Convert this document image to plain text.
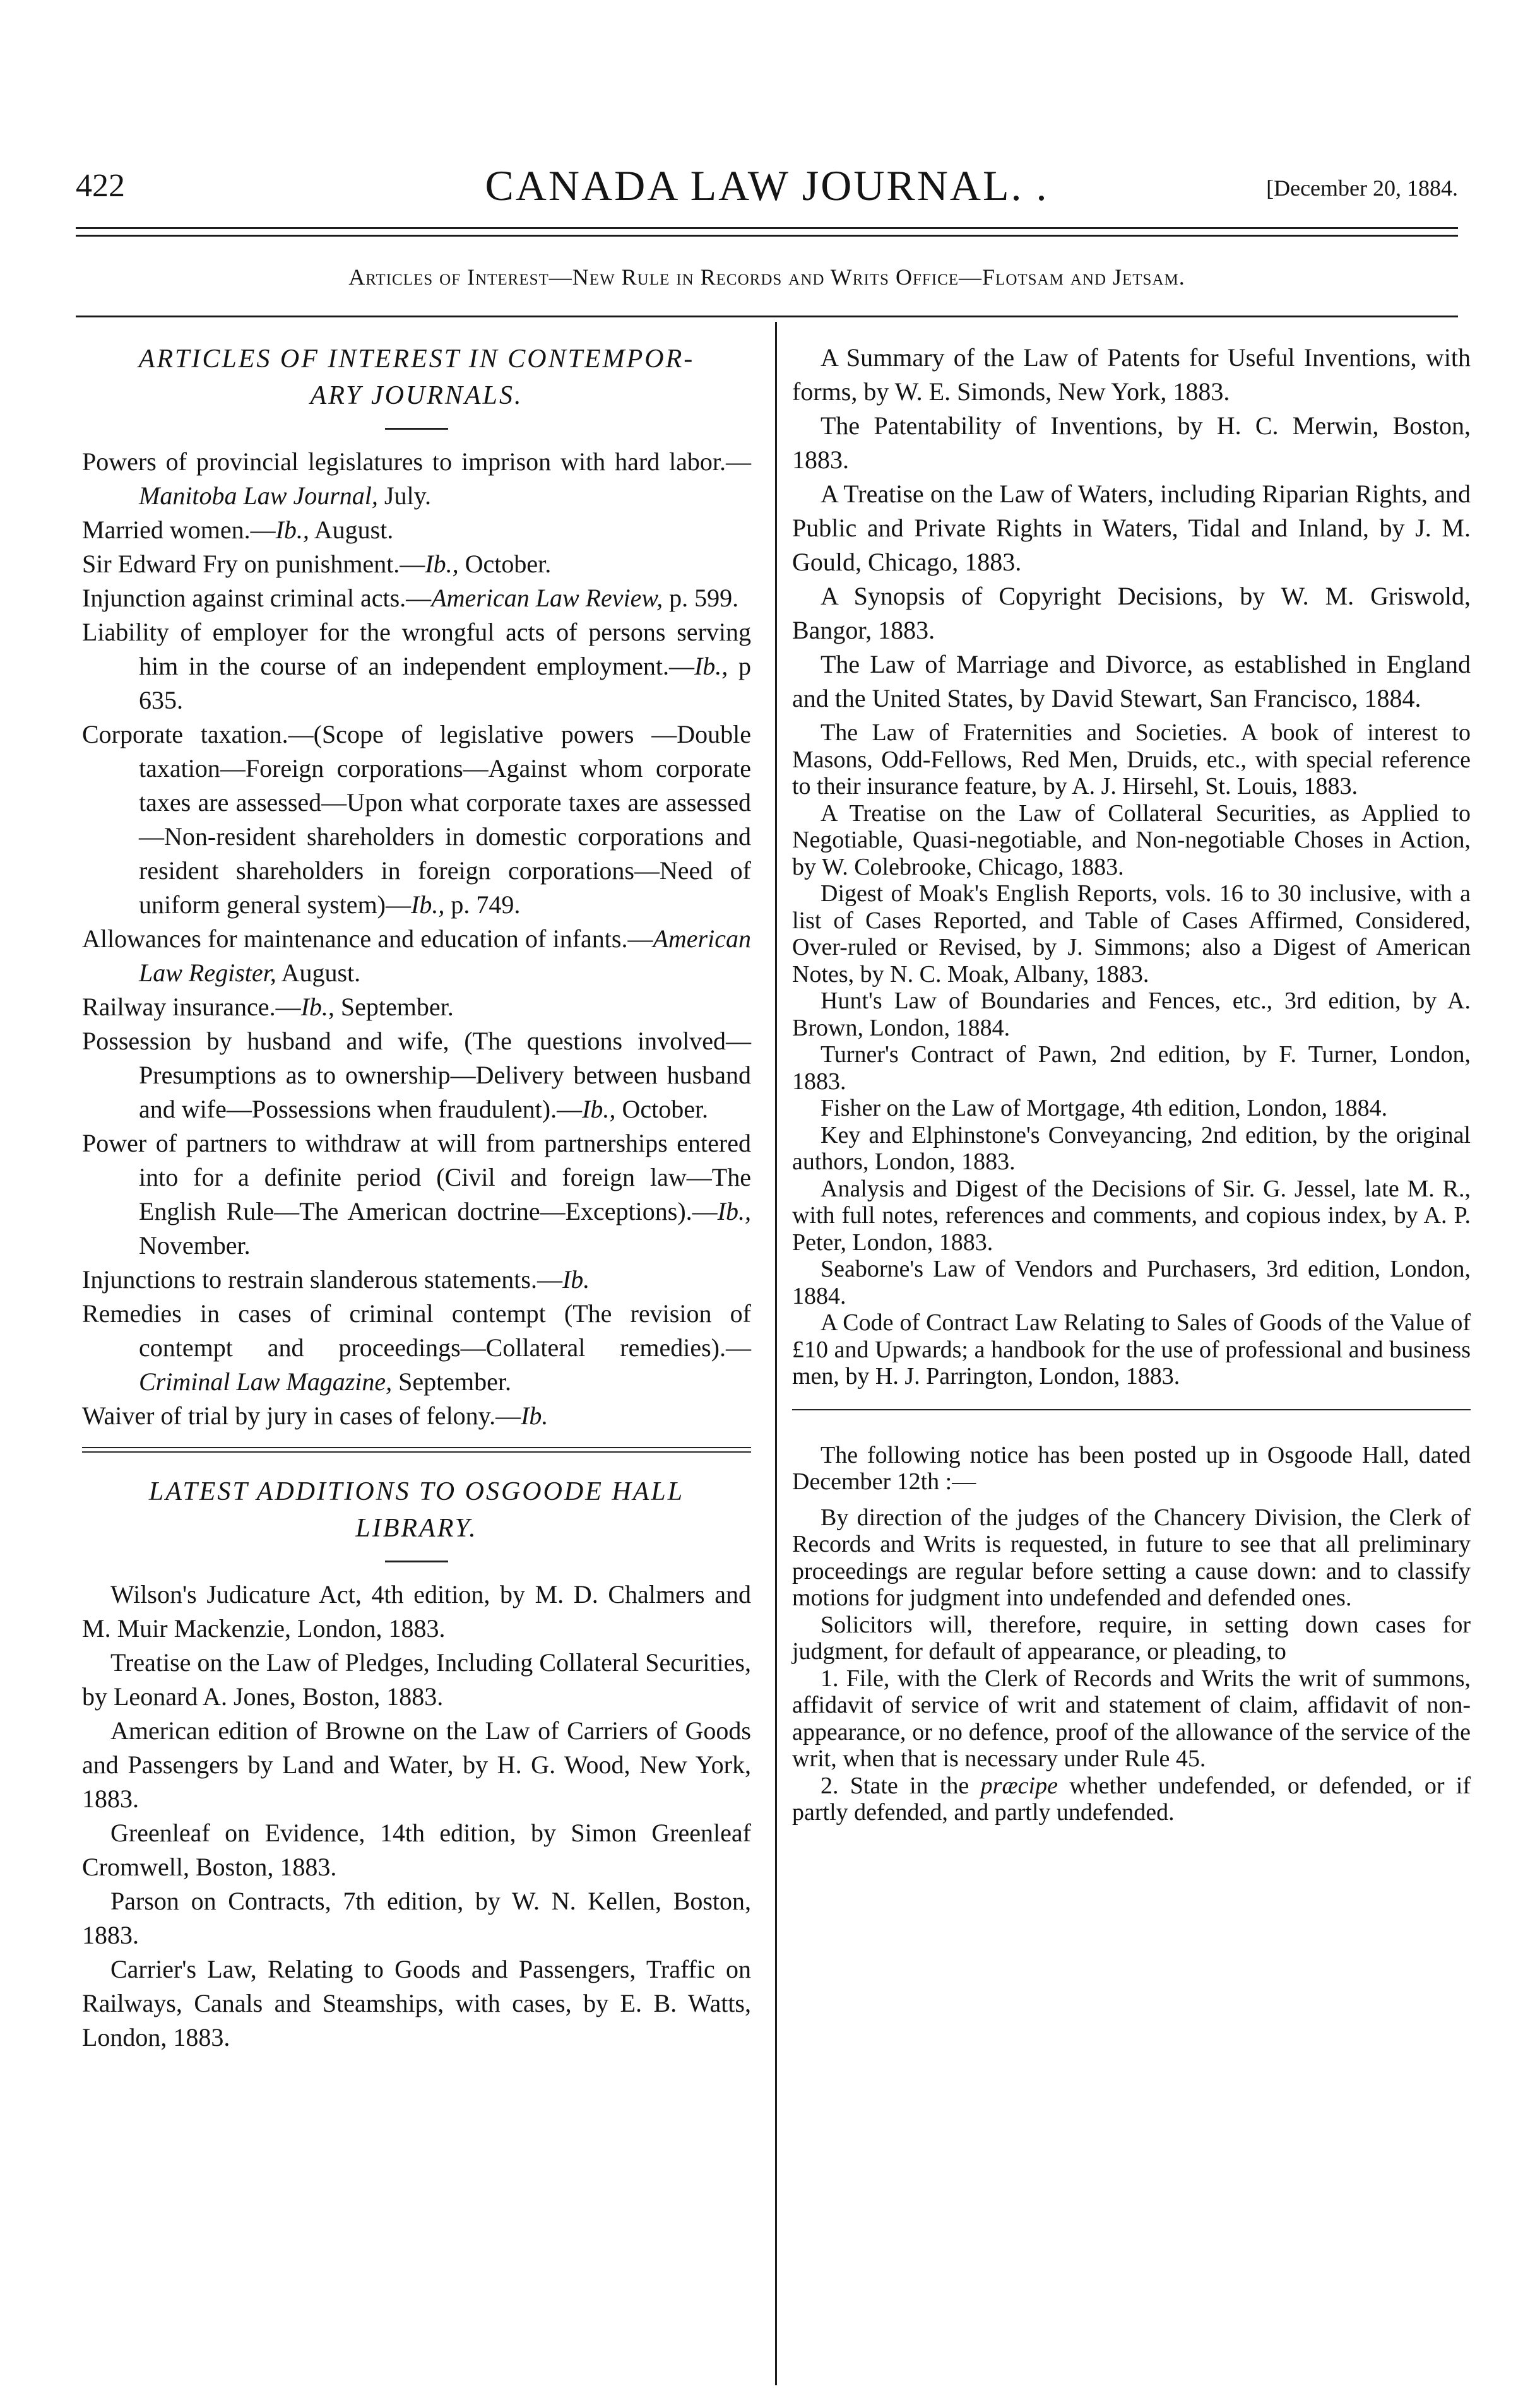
422	CANADA LAW JOURNAL. .	[December 20, 1884.
Articles of Interest—New Rule in Records and Writs Office—Flotsam and Jetsam.
ARTICLES OF INTEREST IN CONTEMPOR-
ARY JOURNALS.
Powers of provincial legislatures to imprison with hard labor.—Manitoba Law Journal, July.
Married women.—Ib., August.
Sir Edward Fry on punishment.—Ib., October.
Injunction against criminal acts.—American Law Review, p. 599.
Liability of employer for the wrongful acts of persons serving him in the course of an independent employment.—Ib., p 635.
Corporate taxation.—(Scope of legislative powers —Double taxation—Foreign corporations—Against whom corporate taxes are assessed—Upon what corporate taxes are assessed—Non-resident shareholders in domestic corporations and resident shareholders in foreign corporations—Need of uniform general system)—Ib., p. 749.
Allowances for maintenance and education of infants.—American Law Register, August.
Railway insurance.—Ib., September.
Possession by husband and wife, (The questions involved—Presumptions as to ownership—Delivery between husband and wife—Possessions when fraudulent).—Ib., October.
Power of partners to withdraw at will from partnerships entered into for a definite period (Civil and foreign law—The English Rule—The American doctrine—Exceptions).—Ib., November.
Injunctions to restrain slanderous statements.—Ib.
Remedies in cases of criminal contempt (The revision of contempt and proceedings—Collateral remedies).—Criminal Law Magazine, September.
Waiver of trial by jury in cases of felony.—Ib.
LATEST ADDITIONS TO OSGOODE HALL
LIBRARY.
Wilson's Judicature Act, 4th edition, by M. D. Chalmers and M. Muir Mackenzie, London, 1883.
Treatise on the Law of Pledges, Including Collateral Securities, by Leonard A. Jones, Boston, 1883.
American edition of Browne on the Law of Carriers of Goods and Passengers by Land and Water, by H. G. Wood, New York, 1883.
Greenleaf on Evidence, 14th edition, by Simon Greenleaf Cromwell, Boston, 1883.
Parson on Contracts, 7th edition, by W. N. Kellen, Boston, 1883.
Carrier's Law, Relating to Goods and Passengers, Traffic on Railways, Canals and Steamships, with cases, by E. B. Watts, London, 1883.
A Summary of the Law of Patents for Useful Inventions, with forms, by W. E. Simonds, New York, 1883.
The Patentability of Inventions, by H. C. Merwin, Boston, 1883.
A Treatise on the Law of Waters, including Riparian Rights, and Public and Private Rights in Waters, Tidal and Inland, by J. M. Gould, Chicago, 1883.
A Synopsis of Copyright Decisions, by W. M. Griswold, Bangor, 1883.
The Law of Marriage and Divorce, as established in England and the United States, by David Stewart, San Francisco, 1884.
The Law of Fraternities and Societies. A book of interest to Masons, Odd-Fellows, Red Men, Druids, etc., with special reference to their insurance feature, by A. J. Hirsehl, St. Louis, 1883.
A Treatise on the Law of Collateral Securities, as Applied to Negotiable, Quasi-negotiable, and Non-negotiable Choses in Action, by W. Colebrooke, Chicago, 1883.
Digest of Moak's English Reports, vols. 16 to 30 inclusive, with a list of Cases Reported, and Table of Cases Affirmed, Considered, Over-ruled or Revised, by J. Simmons; also a Digest of American Notes, by N. C. Moak, Albany, 1883.
Hunt's Law of Boundaries and Fences, etc., 3rd edition, by A. Brown, London, 1884.
Turner's Contract of Pawn, 2nd edition, by F. Turner, London, 1883.
Fisher on the Law of Mortgage, 4th edition, London, 1884.
Key and Elphinstone's Conveyancing, 2nd edition, by the original authors, London, 1883.
Analysis and Digest of the Decisions of Sir. G. Jessel, late M. R., with full notes, references and comments, and copious index, by A. P. Peter, London, 1883.
Seaborne's Law of Vendors and Purchasers, 3rd edition, London, 1884.
A Code of Contract Law Relating to Sales of Goods of the Value of £10 and Upwards; a handbook for the use of professional and business men, by H. J. Parrington, London, 1883.
The following notice has been posted up in Osgoode Hall, dated December 12th :—
By direction of the judges of the Chancery Division, the Clerk of Records and Writs is requested, in future to see that all preliminary proceedings are regular before setting a cause down: and to classify motions for judgment into undefended and defended ones.
Solicitors will, therefore, require, in setting down cases for judgment, for default of appearance, or pleading, to
1. File, with the Clerk of Records and Writs the writ of summons, affidavit of service of writ and statement of claim, affidavit of non-appearance, or no defence, proof of the allowance of the service of the writ, when that is necessary under Rule 45.
2. State in the præcipe whether undefended, or defended, or if partly defended, and partly undefended.
